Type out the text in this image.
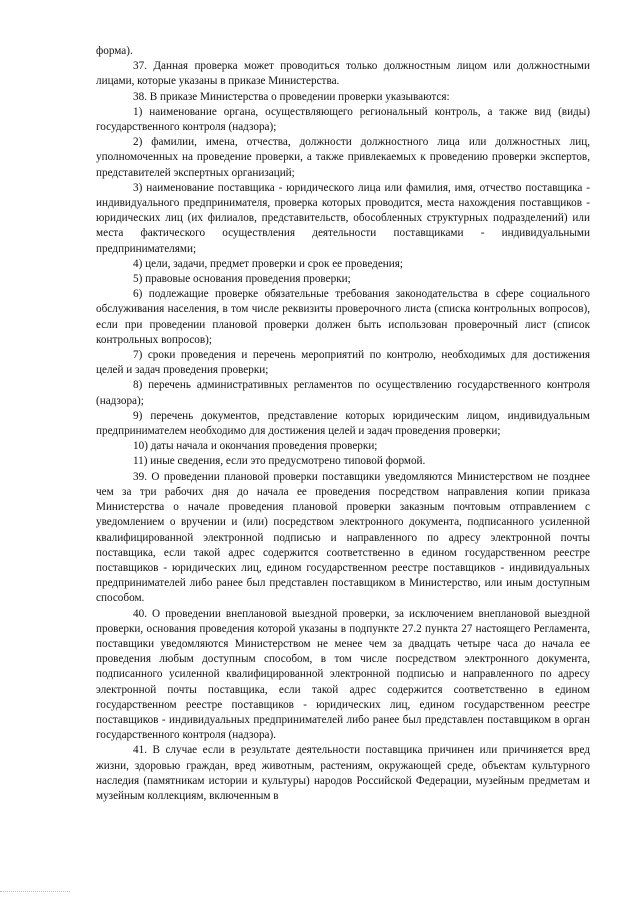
форма).

37. Данная проверка может проводиться только должностным лицом или должностными лицами, которые указаны в приказе Министерства.

38. В приказе Министерства о проведении проверки указываются:

1) наименование органа, осуществляющего региональный контроль, а также вид (виды) государственного контроля (надзора);

2) фамилии, имена, отчества, должности должностного лица или должностных лиц, уполномоченных на проведение проверки, а также привлекаемых к проведению проверки экспертов, представителей экспертных организаций;

3) наименование поставщика - юридического лица или фамилия, имя, отчество поставщика - индивидуального предпринимателя, проверка которых проводится, места нахождения поставщиков - юридических лиц (их филиалов, представительств, обособленных структурных подразделений) или места фактического осуществления деятельности поставщиками - индивидуальными предпринимателями;

4) цели, задачи, предмет проверки и срок ее проведения;

5) правовые основания проведения проверки;

6) подлежащие проверке обязательные требования законодательства в сфере социального обслуживания населения, в том числе реквизиты проверочного листа (списка контрольных вопросов), если при проведении плановой проверки должен быть использован проверочный лист (список контрольных вопросов);

7) сроки проведения и перечень мероприятий по контролю, необходимых для достижения целей и задач проведения проверки;

8) перечень административных регламентов по осуществлению государственного контроля (надзора);

9) перечень документов, представление которых юридическим лицом, индивидуальным предпринимателем необходимо для достижения целей и задач проведения проверки;

10) даты начала и окончания проведения проверки;

11) иные сведения, если это предусмотрено типовой формой.

39. О проведении плановой проверки поставщики уведомляются Министерством не позднее чем за три рабочих дня до начала ее проведения посредством направления копии приказа Министерства о начале проведения плановой проверки заказным почтовым отправлением с уведомлением о вручении и (или) посредством электронного документа, подписанного усиленной квалифицированной электронной подписью и направленного по адресу электронной почты поставщика, если такой адрес содержится соответственно в едином государственном реестре поставщиков - юридических лиц, едином государственном реестре поставщиков - индивидуальных предпринимателей либо ранее был представлен поставщиком в Министерство, или иным доступным способом.

40. О проведении внеплановой выездной проверки, за исключением внеплановой выездной проверки, основания проведения которой указаны в подпункте 27.2 пункта 27 настоящего Регламента, поставщики уведомляются Министерством не менее чем за двадцать четыре часа до начала ее проведения любым доступным способом, в том числе посредством электронного документа, подписанного усиленной квалифицированной электронной подписью и направленного по адресу электронной почты поставщика, если такой адрес содержится соответственно в едином государственном реестре поставщиков - юридических лиц, едином государственном реестре поставщиков - индивидуальных предпринимателей либо ранее был представлен поставщиком в орган государственного контроля (надзора).

41. В случае если в результате деятельности поставщика причинен или причиняется вред жизни, здоровью граждан, вред животным, растениям, окружающей среде, объектам культурного наследия (памятникам истории и культуры) народов Российской Федерации, музейным предметам и музейным коллекциям, включенным в
